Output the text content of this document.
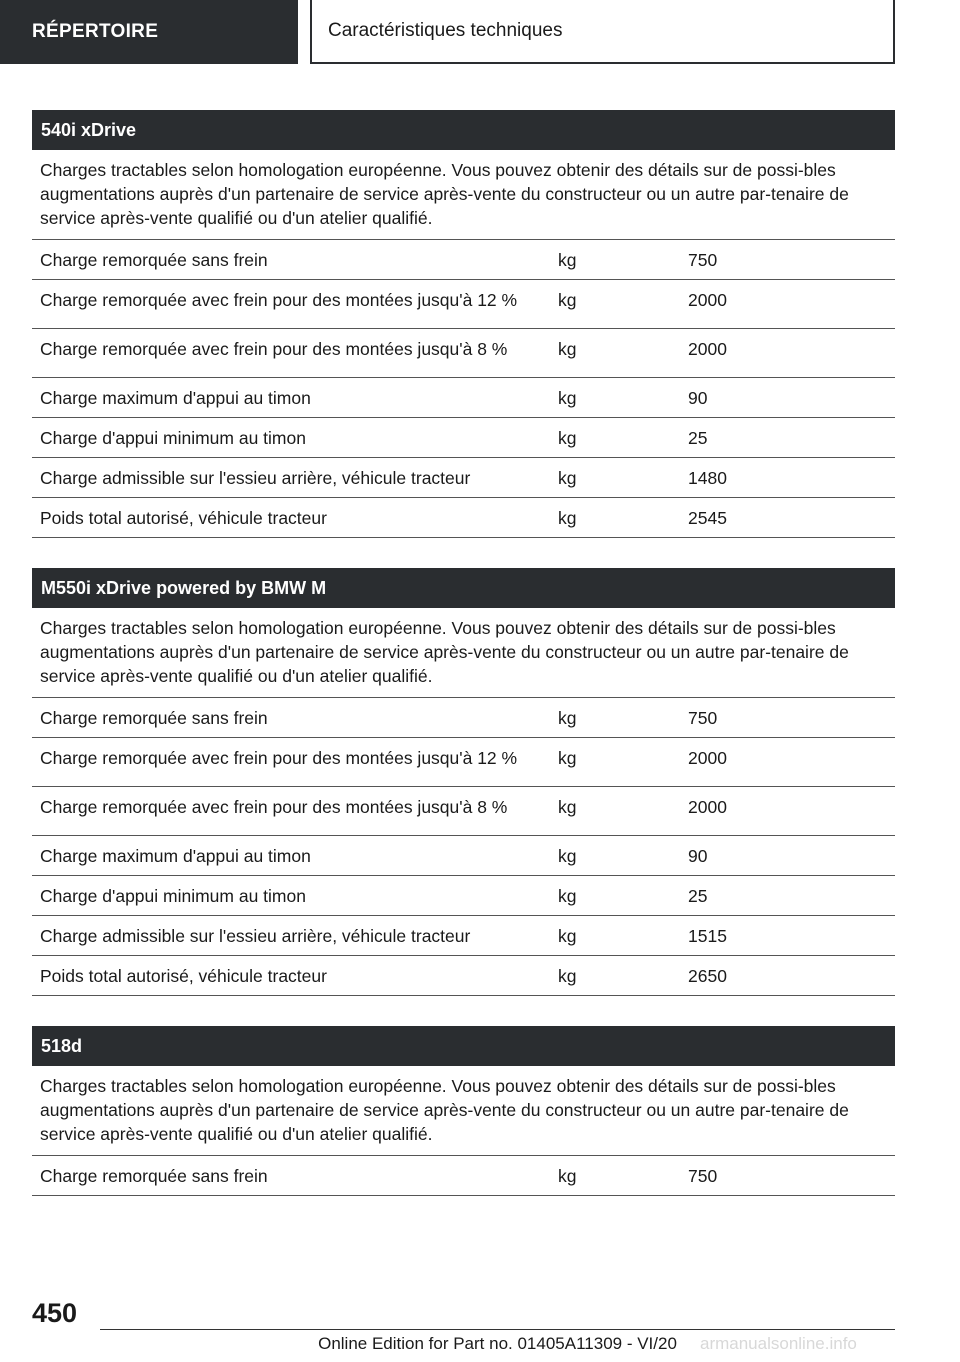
RÉPERTOIRE	Caractéristiques techniques
540i xDrive
Charges tractables selon homologation européenne. Vous pouvez obtenir des détails sur de possi-bles augmentations auprès d'un partenaire de service après-vente du constructeur ou un autre par-tenaire de service après-vente qualifié ou d'un atelier qualifié.
Charge remorquée sans frein	kg	750
Charge remorquée avec frein pour des montées jusqu'à 12 %	kg	2000
Charge remorquée avec frein pour des montées jusqu'à 8 %	kg	2000
Charge maximum d'appui au timon	kg	90
Charge d'appui minimum au timon	kg	25
Charge admissible sur l'essieu arrière, véhicule tracteur	kg	1480
Poids total autorisé, véhicule tracteur	kg	2545
M550i xDrive powered by BMW M
Charges tractables selon homologation européenne. Vous pouvez obtenir des détails sur de possi-bles augmentations auprès d'un partenaire de service après-vente du constructeur ou un autre par-tenaire de service après-vente qualifié ou d'un atelier qualifié.
Charge remorquée sans frein	kg	750
Charge remorquée avec frein pour des montées jusqu'à 12 %	kg	2000
Charge remorquée avec frein pour des montées jusqu'à 8 %	kg	2000
Charge maximum d'appui au timon	kg	90
Charge d'appui minimum au timon	kg	25
Charge admissible sur l'essieu arrière, véhicule tracteur	kg	1515
Poids total autorisé, véhicule tracteur	kg	2650
518d
Charges tractables selon homologation européenne. Vous pouvez obtenir des détails sur de possi-bles augmentations auprès d'un partenaire de service après-vente du constructeur ou un autre par-tenaire de service après-vente qualifié ou d'un atelier qualifié.
Charge remorquée sans frein	kg	750
450
Online Edition for Part no. 01405A11309 - VI/20	armanualsonline.info
